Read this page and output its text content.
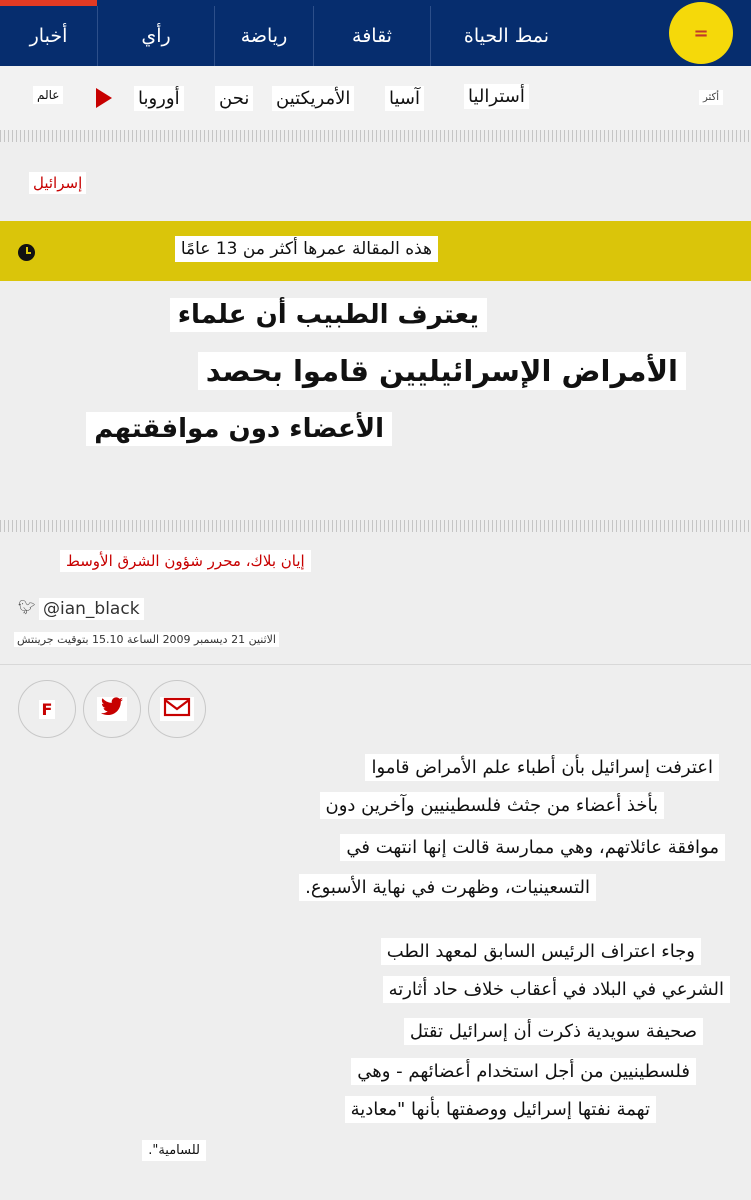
نمط الحياة
ثقافة
رياضة
رأي
أخبار	=
أكثر
أستراليا
آسيا
الأمريكتين
نحن
أوروبا
عالم
إسرائيل
هذه المقالة عمرها أكثر من 13 عامًا
يعترف الطبيب أن علماء
الأمراض الإسرائيليين قاموا بحصد
الأعضاء دون موافقتهم
إيان بلاك، محرر شؤون الشرق الأوسط
🐦︎ @ian_black
الاثنين 21 ديسمبر 2009 الساعة 15.10 بتوقيت جرينتش
F
اعترفت إسرائيل بأن أطباء علم الأمراض قاموا
بأخذ أعضاء من جثث فلسطينيين وآخرين دون
موافقة عائلاتهم، وهي ممارسة قالت إنها انتهت في
التسعينيات، وظهرت في نهاية الأسبوع.
وجاء اعتراف الرئيس السابق لمعهد الطب
الشرعي في البلاد في أعقاب خلاف حاد أثارته
صحيفة سويدية ذكرت أن إسرائيل تقتل
فلسطينيين من أجل استخدام أعضائهم - وهي
تهمة نفتها إسرائيل ووصفتها بأنها "معادية
للسامية".
